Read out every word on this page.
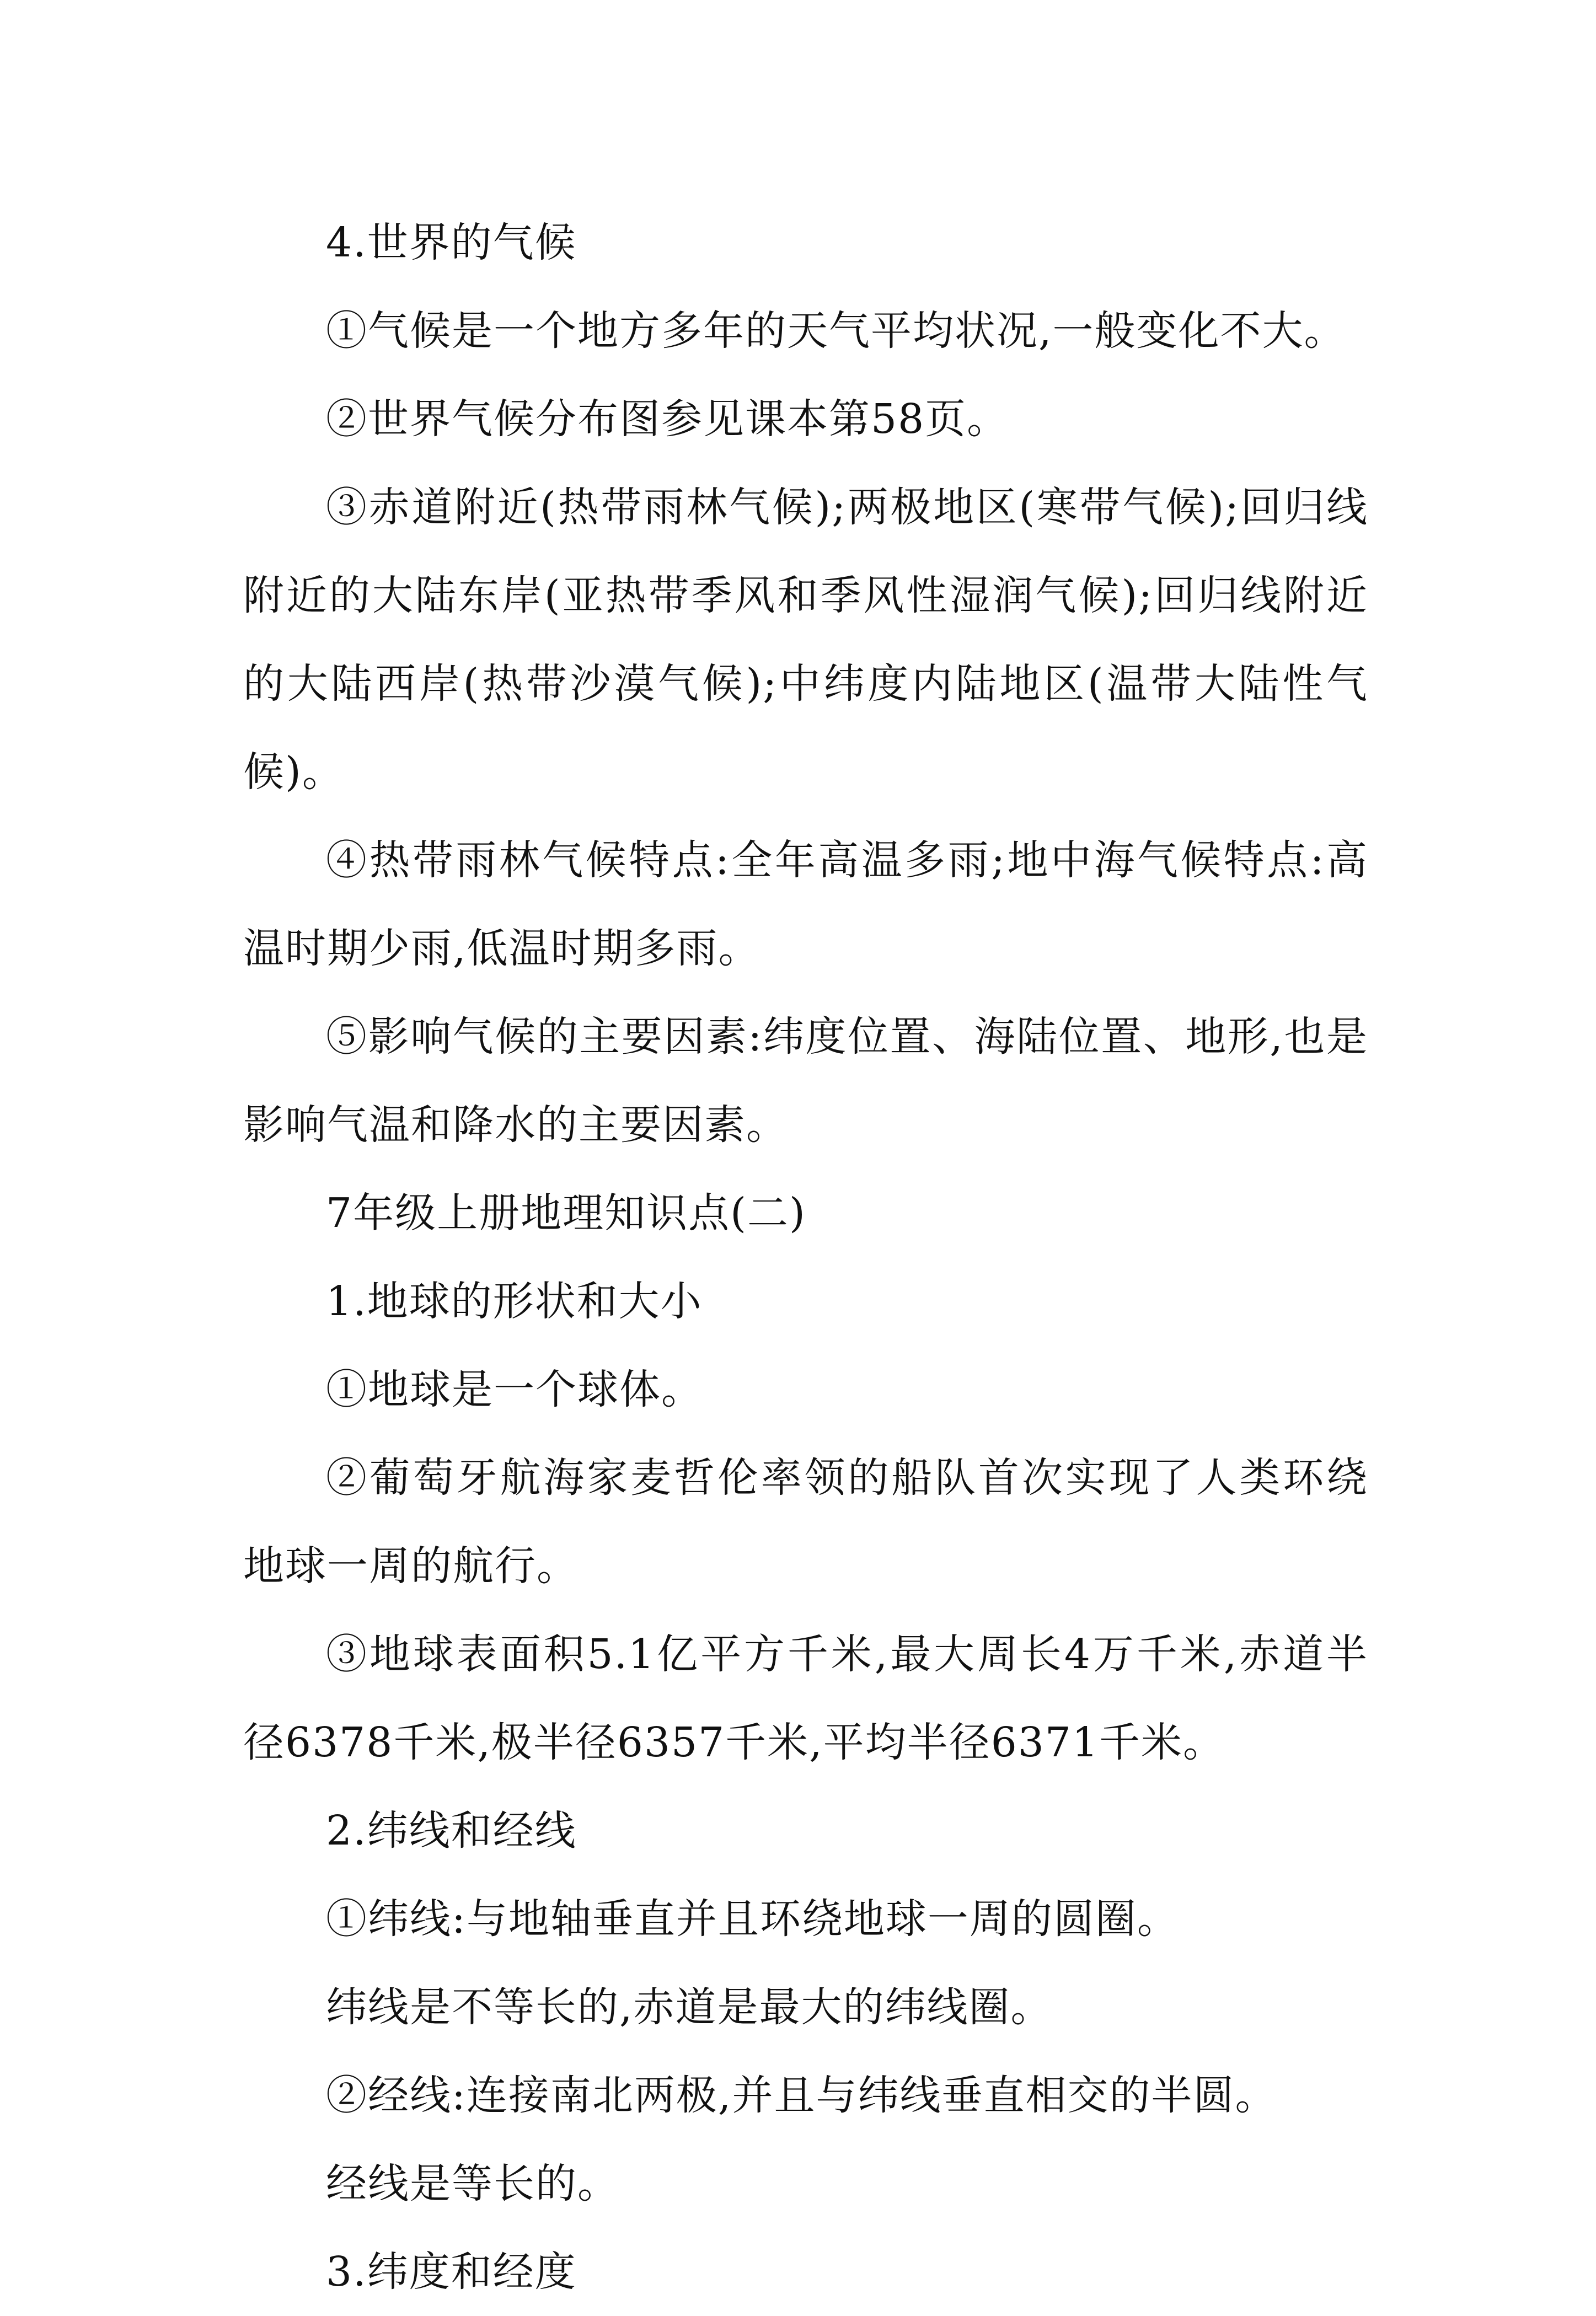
4.世界的气候

①气候是一个地方多年的天气平均状况,一般变化不大。

②世界气候分布图参见课本第58页。

③赤道附近(热带雨林气候);两极地区(寒带气候);回归线附近的大陆东岸(亚热带季风和季风性湿润气候);回归线附近的大陆西岸(热带沙漠气候);中纬度内陆地区(温带大陆性气候)。

④热带雨林气候特点:全年高温多雨;地中海气候特点:高温时期少雨,低温时期多雨。

⑤影响气候的主要因素:纬度位置、海陆位置、地形,也是影响气温和降水的主要因素。

7年级上册地理知识点(二)

1.地球的形状和大小

①地球是一个球体。

②葡萄牙航海家麦哲伦率领的船队首次实现了人类环绕地球一周的航行。

③地球表面积5.1亿平方千米,最大周长4万千米,赤道半径6378千米,极半径6357千米,平均半径6371千米。

2.纬线和经线

①纬线:与地轴垂直并且环绕地球一周的圆圈。

纬线是不等长的,赤道是最大的纬线圈。

②经线:连接南北两极,并且与纬线垂直相交的半圆。

经线是等长的。

3.纬度和经度
